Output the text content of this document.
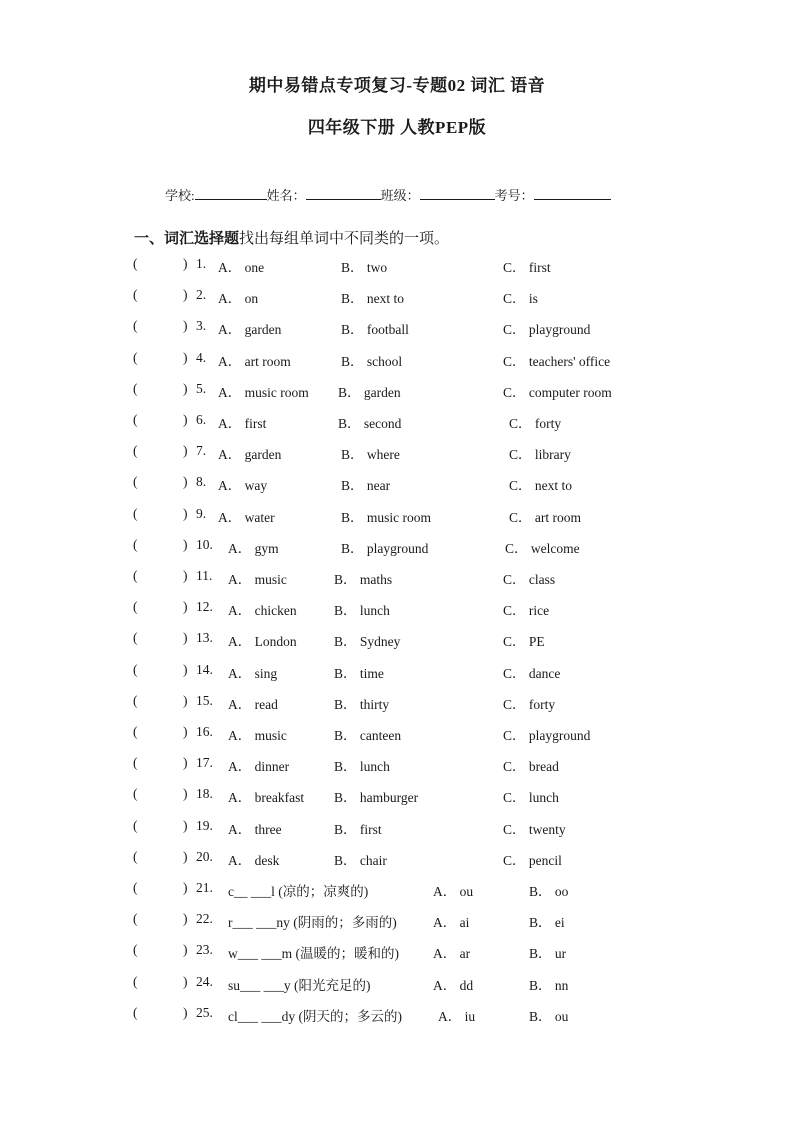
期中易错点专项复习-专题02 词汇 语音
四年级下册 人教PEP版
学校:	姓名：	班级：	考号：
一、词汇选择题找出每组单词中不同类的一项。
(	) 1. A． one	B． two	C． first
(	) 2. A． on	B． next to	C． is
(	) 3. A． garden	B． football	C． playground
(	) 4. A． art room	B． school	C． teachers' office
(	) 5. A． music room B． garden	C． computer room
(	) 6. A． first	B． second	C． forty
(	) 7. A． garden	B． where	C． library
(	) 8. A． way	B． near	C． next to
(	) 9. A． water	B． music room	C． art room
(	) 10. A． gym	B． playground	C． welcome
(	) 11. A． music	B． maths	C． class
(	) 12. A． chicken	B． lunch	C． rice
(	) 13. A． London	B． Sydney	C． PE
(	) 14. A． sing	B． time	C． dance
(	) 15. A． read	B． thirty	C． forty
(	) 16. A． music	B． canteen	C． playground
(	) 17. A． dinner	B． lunch	C． bread
(	) 18. A． breakfast B． hamburger	C． lunch
(	) 19. A． three	B． first	C． twenty
(	) 20. A． desk	B． chair	C． pencil
(	) 21. c__ ___l (凉的；凉爽的)	A． ou	B． oo
(	) 22. r___ ___ny (阴雨的；多雨的)	A． ai	B． ei
(	) 23. w___ ___m (温暖的；暖和的)	A． ar	B． ur
(	) 24. su___ ___y (阳光充足的)	A． dd	B． nn
(	) 25. cl___ ___dy (阴天的；多云的)	A． iu	B． ou
